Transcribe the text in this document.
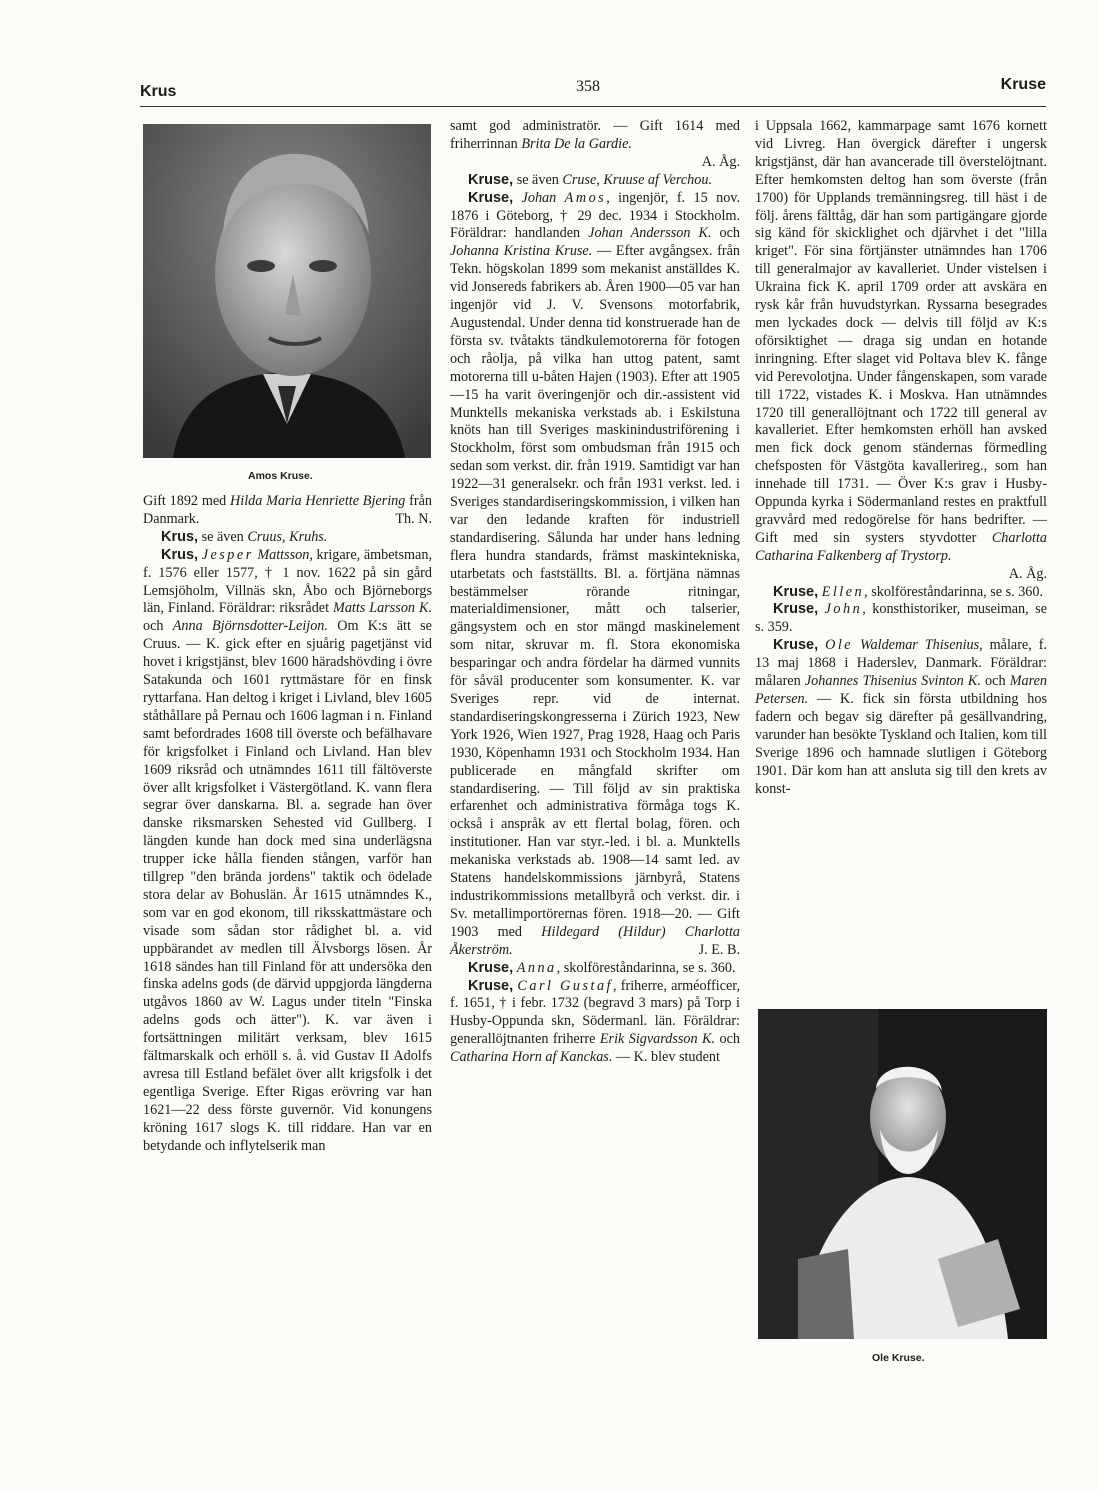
Krus	358	Kruse
Amos Kruse.
Ole Kruse.

Gift 1892 med Hilda Maria Henriette Bjering från Danmark.	Th. N.

Krus, se även Cruus, Kruhs.

Krus, Jesper Mattsson, krigare, ämbetsman, f. 1576 eller 1577, † 1 nov. 1622 på sin gård Lemsjöholm, Villnäs skn, Åbo och Björneborgs län, Finland. Föräldrar: riksrådet Matts Larsson K. och Anna Björnsdotter-Leijon. Om K:s ätt se Cruus. — K. gick efter en sjuårig pagetjänst vid hovet i krigstjänst, blev 1600 häradshövding i övre Satakunda och 1601 ryttmästare för en finsk ryttarfana. Han deltog i kriget i Livland, blev 1605 ståthållare på Pernau och 1606 lagman i n. Finland samt befordrades 1608 till överste och befälhavare för krigsfolket i Finland och Livland. Han blev 1609 riksråd och utnämndes 1611 till fältöverste över allt krigsfolket i Västergötland. K. vann flera segrar över danskarna. Bl. a. segrade han över danske riksmarsken Sehested vid Gullberg. I längden kunde han dock med sina underlägsna trupper icke hålla fienden stången, varför han tillgrep "den brända jordens" taktik och ödelade stora delar av Bohuslän. År 1615 utnämndes K., som var en god ekonom, till riksskattmästare och visade som sådan stor rådighet bl. a. vid uppbärandet av medlen till Älvsborgs lösen. År 1618 sändes han till Finland för att undersöka den finska adelns gods (de därvid uppgjorda längderna utgåvos 1860 av W. Lagus under titeln "Finska adelns gods och ätter"). K. var även i fortsättningen militärt verksam, blev 1615 fältmarskalk och erhöll s. å. vid Gustav II Adolfs avresa till Estland befälet över allt krigsfolk i det egentliga Sverige. Efter Rigas erövring var han 1621—22 dess förste guvernör. Vid konungens kröning 1617 slogs K. till riddare. Han var en betydande och inflytelserik man

samt god administratör. — Gift 1614 med friherrinnan Brita De la Gardie.
A. Åg.

Kruse, se även Cruse, Kruuse af Verchou.

Kruse, Johan Amos, ingenjör, f. 15 nov. 1876 i Göteborg, † 29 dec. 1934 i Stockholm. Föräldrar: handlanden Johan Andersson K. och Johanna Kristina Kruse. — Efter avgångsex. från Tekn. högskolan 1899 som mekanist anställdes K. vid Jonsereds fabrikers ab. Åren 1900—05 var han ingenjör vid J. V. Svensons motorfabrik, Augustendal. Under denna tid konstruerade han de första sv. tvåtakts tändkulemotorerna för fotogen och råolja, på vilka han uttog patent, samt motorerna till u-båten Hajen (1903). Efter att 1905—15 ha varit överingenjör och dir.-assistent vid Munktells mekaniska verkstads ab. i Eskilstuna knöts han till Sveriges maskinindustriförening i Stockholm, först som ombudsman från 1915 och sedan som verkst. dir. från 1919. Samtidigt var han 1922—31 generalsekr. och från 1931 verkst. led. i Sveriges standardiseringskommission, i vilken han var den ledande kraften för industriell standardisering. Sålunda har under hans ledning flera hundra standards, främst maskintekniska, utarbetats och fastställts. Bl. a. förtjäna nämnas bestämmelser rörande ritningar, materialdimensioner, mått och talserier, gängsystem och en stor mängd maskinelement som nitar, skruvar m. fl. Stora ekonomiska besparingar och andra fördelar ha därmed vunnits för såväl producenter som konsumenter. K. var Sveriges repr. vid de internat. standardiseringskongresserna i Zürich 1923, New York 1926, Wien 1927, Prag 1928, Haag och Paris 1930, Köpenhamn 1931 och Stockholm 1934. Han publicerade en mångfald skrifter om standardisering. — Till följd av sin praktiska erfarenhet och administrativa förmåga togs K. också i anspråk av ett flertal bolag, fören. och institutioner. Han var styr.-led. i bl. a. Munktells mekaniska verkstads ab. 1908—14 samt led. av Statens handelskommissions järnbyrå, Statens industrikommissions metallbyrå och verkst. dir. i Sv. metallimportörernas fören. 1918—20. — Gift 1903 med Hildegard (Hildur) Charlotta Åkerström.	J. E. B.

Kruse, Anna, skolföreståndarinna, se s. 360.

Kruse, Carl Gustaf, friherre, arméofficer, f. 1651, † i febr. 1732 (begravd 3 mars) på Torp i Husby-Oppunda skn, Södermanl. län. Föräldrar: generallöjtnanten friherre Erik Sigvardsson K. och Catharina Horn af Kanckas. — K. blev student

i Uppsala 1662, kammarpage samt 1676 kornett vid Livreg. Han övergick därefter i ungersk krigstjänst, där han avancerade till överstelöjtnant. Efter hemkomsten deltog han som överste (från 1700) för Upplands tremänningsreg. till häst i de följ. årens fälttåg, där han som partigängare gjorde sig känd för skicklighet och djärvhet i det "lilla kriget". För sina förtjänster utnämndes han 1706 till generalmajor av kavalleriet. Under vistelsen i Ukraina fick K. april 1709 order att avskära en rysk kår från huvudstyrkan. Ryssarna besegrades men lyckades dock — delvis till följd av K:s oförsiktighet — draga sig undan en hotande inringning. Efter slaget vid Poltava blev K. fånge vid Perevolotjna. Under fångenskapen, som varade till 1722, vistades K. i Moskva. Han utnämndes 1720 till generallöjtnant och 1722 till general av kavalleriet. Efter hemkomsten erhöll han avsked men fick dock genom ständernas förmedling chefsposten för Västgöta kavallerireg., som han innehade till 1731. — Över K:s grav i Husby-Oppunda kyrka i Södermanland restes en praktfull gravvård med redogörelse för hans bedrifter. — Gift med sin systers styvdotter Charlotta Catharina Falkenberg af Trystorp.
A. Åg.

Kruse, Ellen, skolföreståndarinna, se s. 360.

Kruse, John, konsthistoriker, museiman, se s. 359.

Kruse, Ole Waldemar Thisenius, målare, f. 13 maj 1868 i Haderslev, Danmark. Föräldrar: målaren Johannes Thisenius Svinton K. och Maren Petersen. — K. fick sin första utbildning hos fadern och begav sig därefter på gesällvandring, varunder han besökte Tyskland och Italien, kom till Sverige 1896 och hamnade slutligen i Göteborg 1901. Där kom han att ansluta sig till den krets av konst-
